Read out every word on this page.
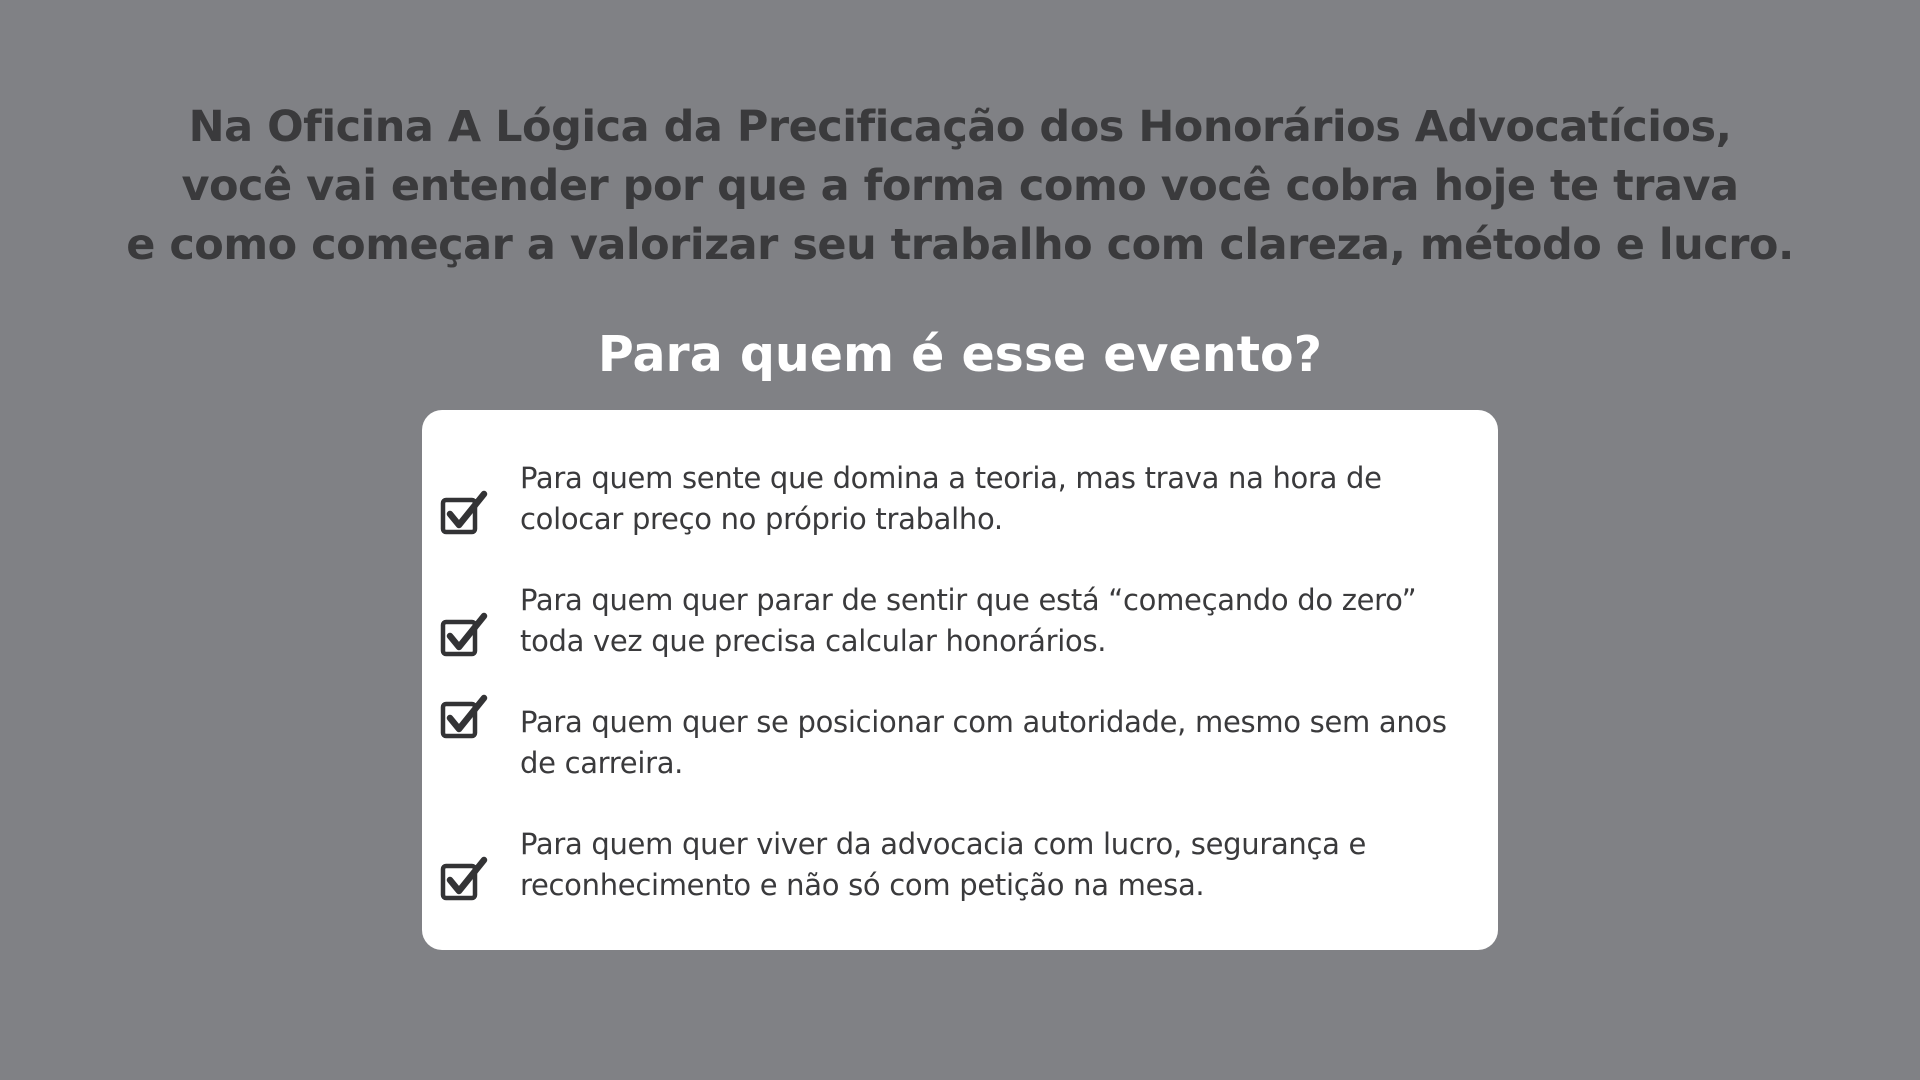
Na Oficina A Lógica da Precificação dos Honorários Advocatícios,
você vai entender por que a forma como você cobra hoje te trava
e como começar a valorizar seu trabalho com clareza, método e lucro.
Para quem é esse evento?
Para quem sente que domina a teoria, mas trava na hora de colocar preço no próprio trabalho.
Para quem quer parar de sentir que está “começando do zero” toda vez que precisa calcular honorários.
Para quem quer se posicionar com autoridade, mesmo sem anos de carreira.
Para quem quer viver da advocacia com lucro, segurança e reconhecimento e não só com petição na mesa.
